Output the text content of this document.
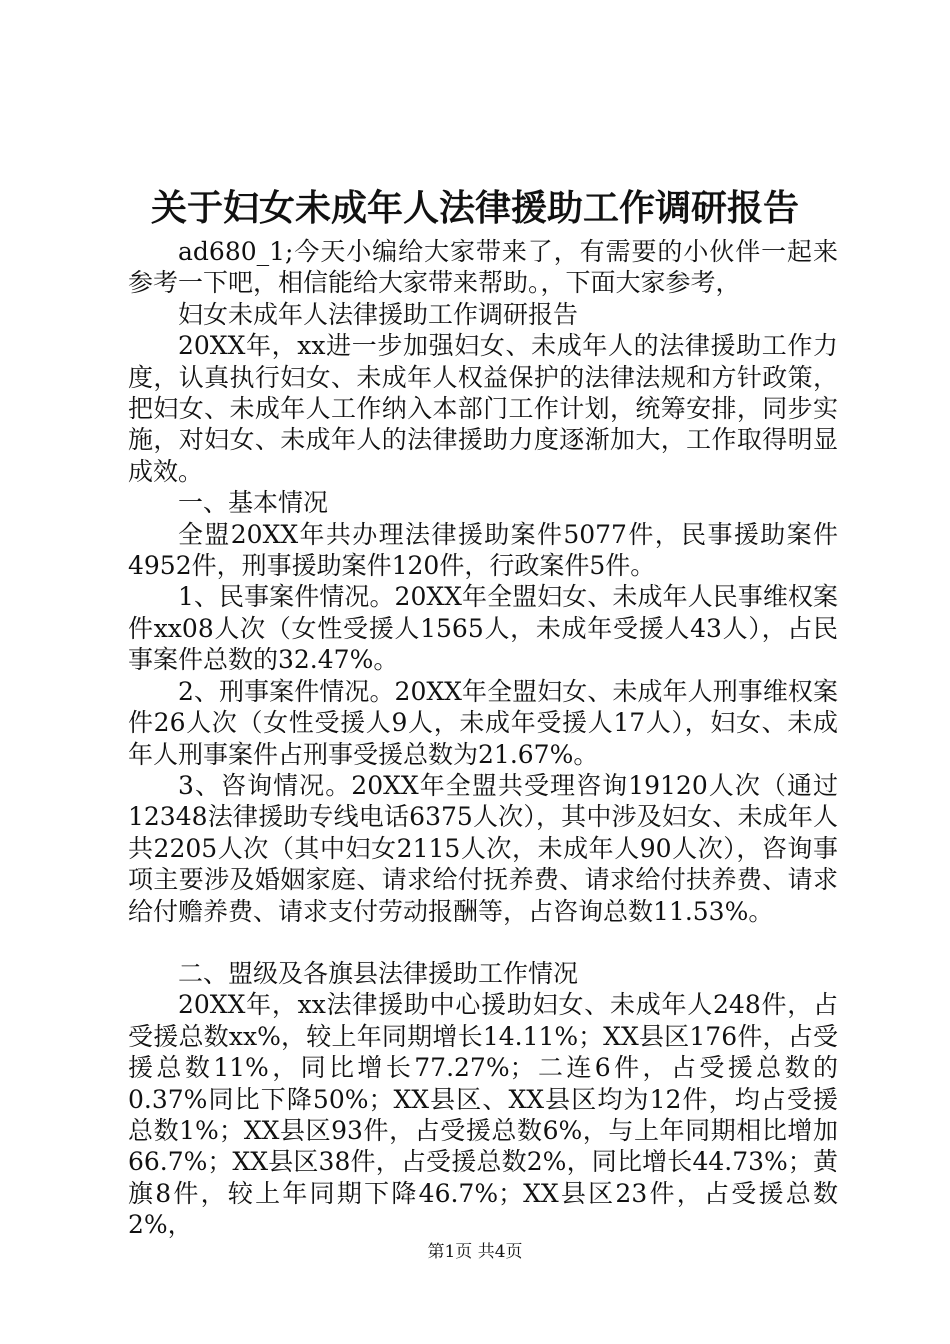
关于妇女未成年人法律援助工作调研报告

ad680_1;今天小编给大家带来了，有需要的小伙伴一起来参考一下吧，相信能给大家带来帮助。，下面大家参考，

妇女未成年人法律援助工作调研报告

20XX年，xx进一步加强妇女、未成年人的法律援助工作力度，认真执行妇女、未成年人权益保护的法律法规和方针政策，把妇女、未成年人工作纳入本部门工作计划，统筹安排，同步实施，对妇女、未成年人的法律援助力度逐渐加大，工作取得明显成效。

一、基本情况

全盟20XX年共办理法律援助案件5077件，民事援助案件4952件，刑事援助案件120件，行政案件5件。

1、民事案件情况。20XX年全盟妇女、未成年人民事维权案件xx08人次（女性受援人1565人，未成年受援人43人），占民事案件总数的32.47%。

2、刑事案件情况。20XX年全盟妇女、未成年人刑事维权案件26人次（女性受援人9人，未成年受援人17人），妇女、未成年人刑事案件占刑事受援总数为21.67%。

3、咨询情况。20XX年全盟共受理咨询19120人次（通过12348法律援助专线电话6375人次），其中涉及妇女、未成年人共2205人次（其中妇女2115人次，未成年人90人次），咨询事项主要涉及婚姻家庭、请求给付抚养费、请求给付扶养费、请求给付赡养费、请求支付劳动报酬等，占咨询总数11.53%。

二、盟级及各旗县法律援助工作情况

20XX年，xx法律援助中心援助妇女、未成年人248件，占受援总数xx%，较上年同期增长14.11%；XX县区176件，占受援总数11%，同比增长77.27%；二连6件，占受援总数的0.37%同比下降50%；XX县区、XX县区均为12件，均占受援总数1%；XX县区93件，占受援总数6%，与上年同期相比增加66.7%；XX县区38件，占受援总数2%，同比增长44.73%；黄旗8件，较上年同期下降46.7%；XX县区23件，占受援总数2%，

第1页 共4页
